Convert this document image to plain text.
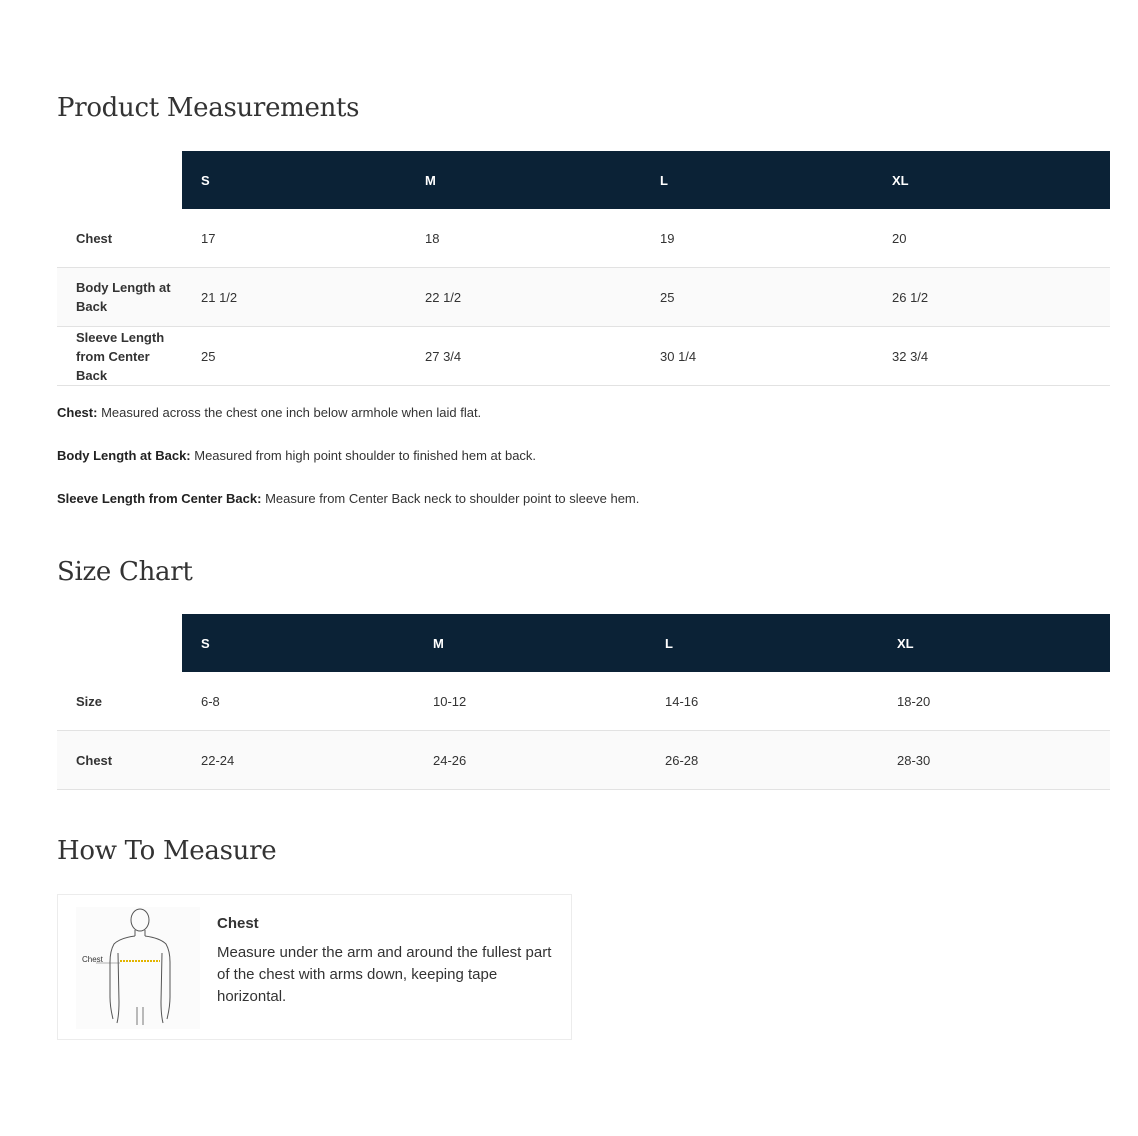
Product Measurements
	S	M	L	XL
Chest	17	18	19	20
Body Length at Back	21 1/2	22 1/2	25	26 1/2
Sleeve Length from Center Back	25	27 3/4	30 1/4	32 3/4

Chest: Measured across the chest one inch below armhole when laid flat.

Body Length at Back: Measured from high point shoulder to finished hem at back.

Sleeve Length from Center Back: Measure from Center Back neck to shoulder point to sleeve hem.

Size Chart
	S	M	L	XL
Size	6-8	10-12	14-16	18-20
Chest	22-24	24-26	26-28	28-30
How To Measure
Chest

Chest

Measure under the arm and around the fullest part of the chest with arms down, keeping tape horizontal.
